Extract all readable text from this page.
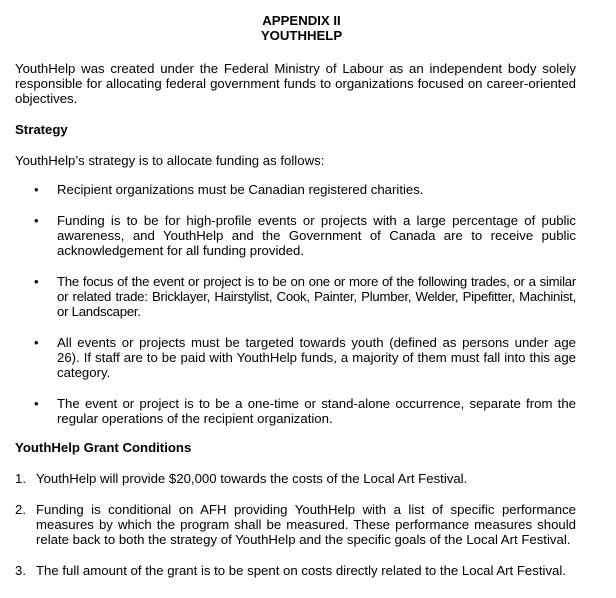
APPENDIX II
YOUTHHELP

YouthHelp was created under the Federal Ministry of Labour as an independent body solely responsible for allocating federal government funds to organizations focused on career-oriented objectives.

Strategy

YouthHelp’s strategy is to allocate funding as follows:

•	Recipient organizations must be Canadian registered charities.
•	Funding is to be for high-profile events or projects with a large percentage of public awareness, and YouthHelp and the Government of Canada are to receive public acknowledgement for all funding provided.
•	The focus of the event or project is to be on one or more of the following trades, or a similar or related trade: Bricklayer, Hairstylist, Cook, Painter, Plumber, Welder, Pipefitter, Machinist, or Landscaper.
•	All events or projects must be targeted towards youth (defined as persons under age 26). If staff are to be paid with YouthHelp funds, a majority of them must fall into this age category.
•	The event or project is to be a one-time or stand-alone occurrence, separate from the regular operations of the recipient organization.
YouthHelp Grant Conditions
1. YouthHelp will provide $20,000 towards the costs of the Local Art Festival.
2. Funding is conditional on AFH providing YouthHelp with a list of specific performance measures by which the program shall be measured. These performance measures should relate back to both the strategy of YouthHelp and the specific goals of the Local Art Festival.
3. The full amount of the grant is to be spent on costs directly related to the Local Art Festival.
